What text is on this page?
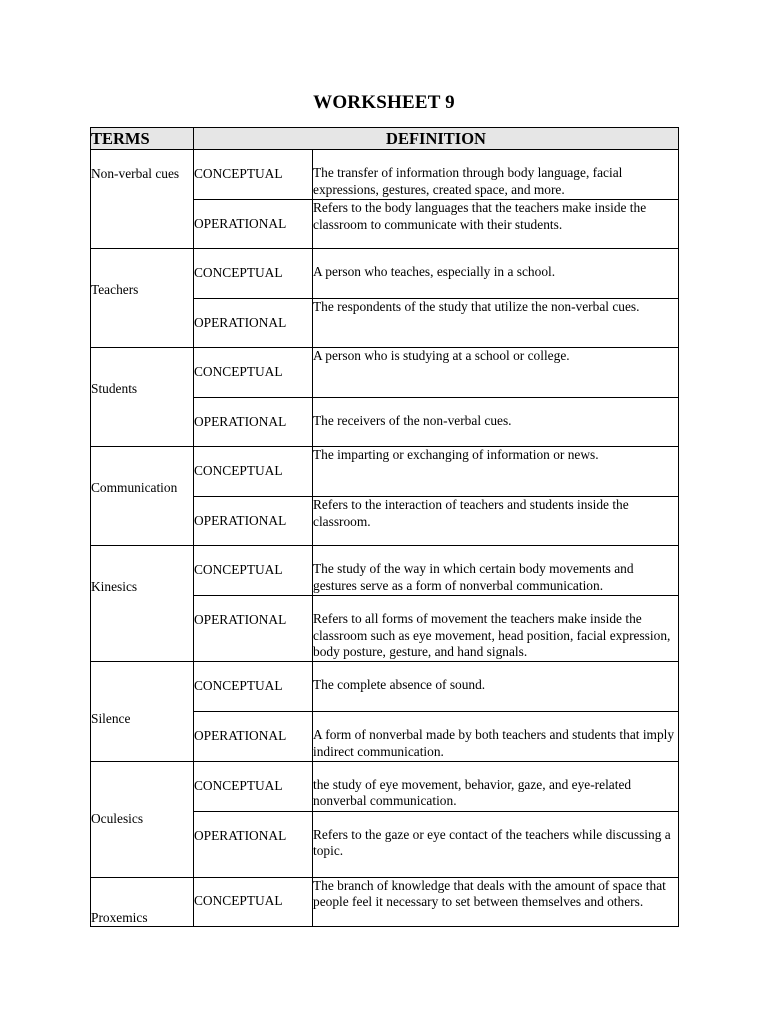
WORKSHEET 9
TERMS	DEFINITION	
Non-verbal cues	CONCEPTUAL	The transfer of information through body language, facial expressions, gestures, created space, and more.
	OPERATIONAL	Refers to the body languages that the teachers make inside the classroom to communicate with their students.
Teachers	CONCEPTUAL	A person who teaches, especially in a school.
	OPERATIONAL	The respondents of the study that utilize the non-verbal cues.
Students	CONCEPTUAL	A person who is studying at a school or college.
	OPERATIONAL	The receivers of the non-verbal cues.
Communication	CONCEPTUAL	The imparting or exchanging of information or news.
	OPERATIONAL	Refers to the interaction of teachers and students inside the classroom.
Kinesics	CONCEPTUAL	The study of the way in which certain body movements and gestures serve as a form of nonverbal communication.
	OPERATIONAL	Refers to all forms of movement the teachers make inside the classroom such as eye movement, head position, facial expression, body posture, gesture, and hand signals.
Silence	CONCEPTUAL	The complete absence of sound.
	OPERATIONAL	A form of nonverbal made by both teachers and students that imply indirect communication.
Oculesics	CONCEPTUAL	the study of eye movement, behavior, gaze, and eye-related nonverbal communication.
	OPERATIONAL	Refers to the gaze or eye contact of the teachers while discussing a topic.
Proxemics	CONCEPTUAL	The branch of knowledge that deals with the amount of space that people feel it necessary to set between themselves and others.
